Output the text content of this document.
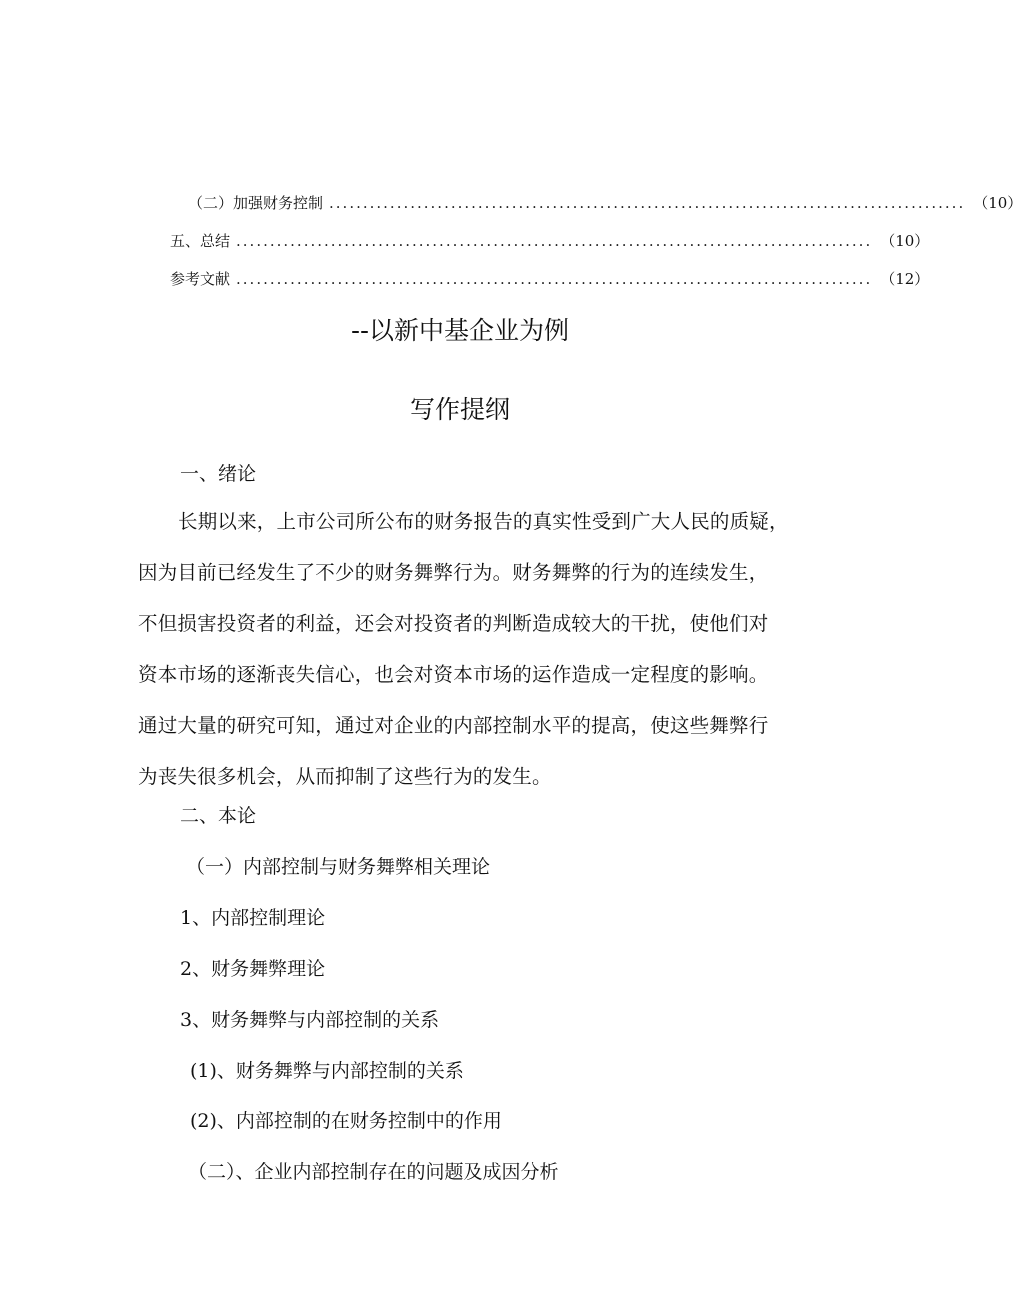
（二）加强财务控制 .............................................................................................. （10）
五、总结 .............................................................................................. （10）
参考文献 .............................................................................................. （12）
--以新中基企业为例
写作提纲
一、绪论
长期以来，上市公司所公布的财务报告的真实性受到广大人民的质疑，
因为目前已经发生了不少的财务舞弊行为。财务舞弊的行为的连续发生，
不但损害投资者的利益，还会对投资者的判断造成较大的干扰，使他们对
资本市场的逐渐丧失信心，也会对资本市场的运作造成一定程度的影响。
通过大量的研究可知，通过对企业的内部控制水平的提高，使这些舞弊行
为丧失很多机会，从而抑制了这些行为的发生。
二、本论
（一）内部控制与财务舞弊相关理论
1、内部控制理论
2、财务舞弊理论
3、财务舞弊与内部控制的关系
(1)、财务舞弊与内部控制的关系
(2)、内部控制的在财务控制中的作用
（二）、企业内部控制存在的问题及成因分析
